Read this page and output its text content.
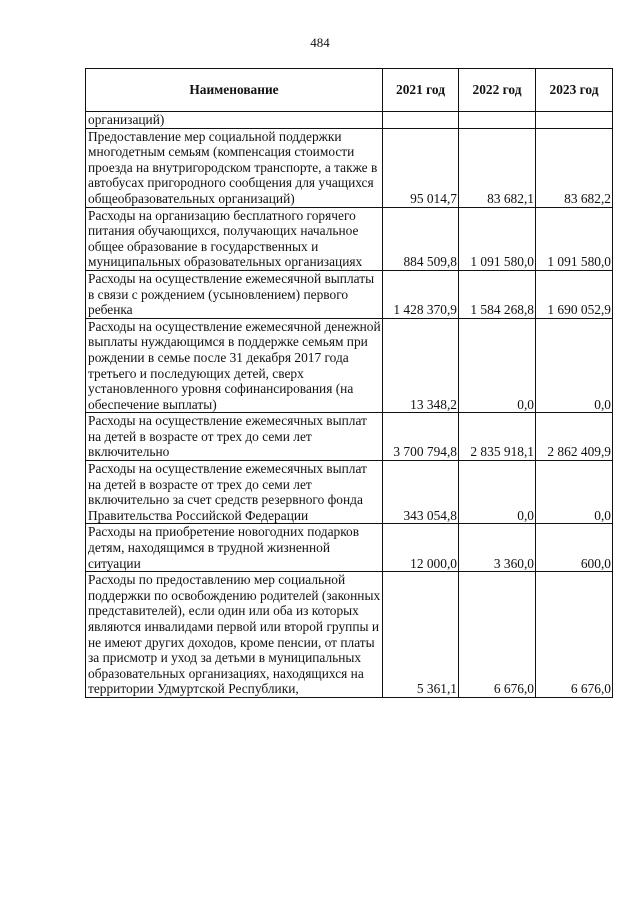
484
Наименование	2021 год	2022 год	2023 год
организаций)			
Предоставление мер социальной поддержки многодетным семьям (компенсация стоимости проезда на внутригородском транспорте, а также в автобусах пригородного сообщения для учащихся общеобразовательных организаций)	95 014,7	83 682,1	83 682,2
Расходы на организацию бесплатного горячего питания обучающихся, получающих начальное общее образование в государственных и муниципальных образовательных организациях	884 509,8	1 091 580,0	1 091 580,0
Расходы на осуществление ежемесячной выплаты в связи с рождением (усыновлением) первого ребенка	1 428 370,9	1 584 268,8	1 690 052,9
Расходы на осуществление ежемесячной денежной выплаты нуждающимся в поддержке семьям при рождении в семье после 31 декабря 2017 года третьего и последующих детей, сверх установленного уровня софинансирования (на обеспечение выплаты)	13 348,2	0,0	0,0
Расходы на осуществление ежемесячных выплат на детей в возрасте от трех до семи лет включительно	3 700 794,8	2 835 918,1	2 862 409,9
Расходы на осуществление ежемесячных выплат на детей в возрасте от трех до семи лет включительно за счет средств резервного фонда Правительства Российской Федерации	343 054,8	0,0	0,0
Расходы на приобретение новогодних подарков детям, находящимся в трудной жизненной ситуации	12 000,0	3 360,0	600,0
Расходы по предоставлению мер социальной поддержки по освобождению родителей (законных представителей), если один или оба из которых являются инвалидами первой или второй группы и не имеют других доходов, кроме пенсии, от платы за присмотр и уход за детьми в муниципальных образовательных организациях, находящихся на территории Удмуртской Республики,	5 361,1	6 676,0	6 676,0
